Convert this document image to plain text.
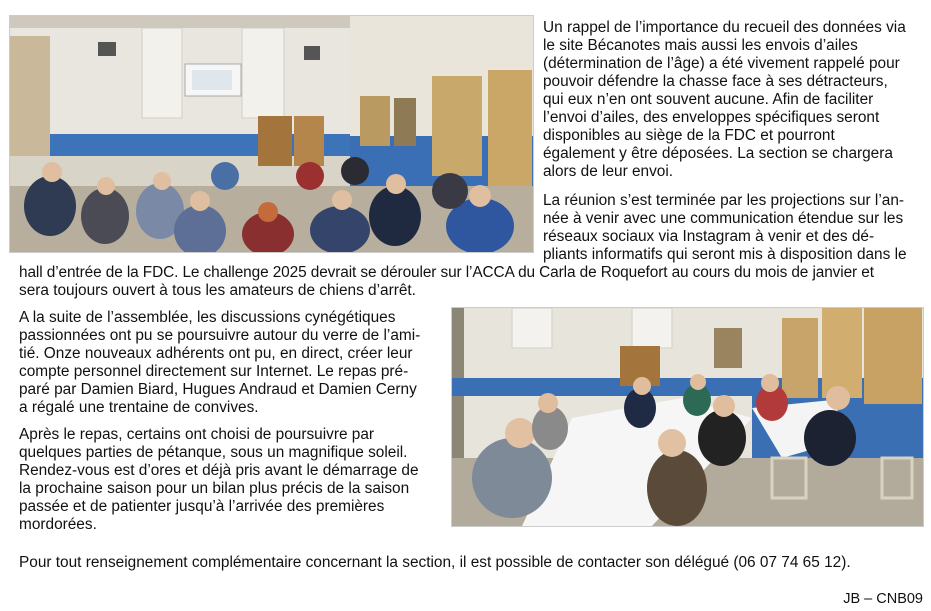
Un rappel de l’importance du recueil des données via
le site Bécanotes mais aussi les envois d’ailes
(détermination de l’âge) a été vivement rappelé pour
pouvoir défendre la chasse face à ses détracteurs,
qui eux n’en ont souvent aucune. Afin de faciliter
l’envoi d’ailes, des enveloppes spécifiques seront
disponibles au siège de la FDC et pourront
également y être déposées. La section se chargera
alors de leur envoi.
La réunion s’est terminée par les projections sur l’an-
née à venir avec une communication étendue sur les
réseaux sociaux via Instagram à venir et des dé-
pliants informatifs qui seront mis à disposition dans le
hall d’entrée de la FDC. Le challenge 2025 devrait se dérouler sur l’ACCA du Carla de Roquefort au cours du mois de janvier et
sera toujours ouvert à tous les amateurs de chiens d’arrêt.
A la suite de l’assemblée, les discussions cynégétiques
passionnées ont pu se poursuivre autour du verre de l’ami-
tié. Onze nouveaux adhérents ont pu, en direct, créer leur
compte personnel directement sur Internet. Le repas pré-
paré par Damien Biard, Hugues Andraud et Damien Cerny
a régalé une trentaine de convives.
Après le repas, certains ont choisi de poursuivre par
quelques parties de pétanque, sous un magnifique soleil.
Rendez-vous est d’ores et déjà pris avant le démarrage de
la prochaine saison pour un bilan plus précis de la saison
passée et de patienter jusqu’à l’arrivée des premières
mordorées.
Pour tout renseignement complémentaire concernant la section, il est possible de contacter son délégué (06 07 74 65 12).
JB – CNB09
